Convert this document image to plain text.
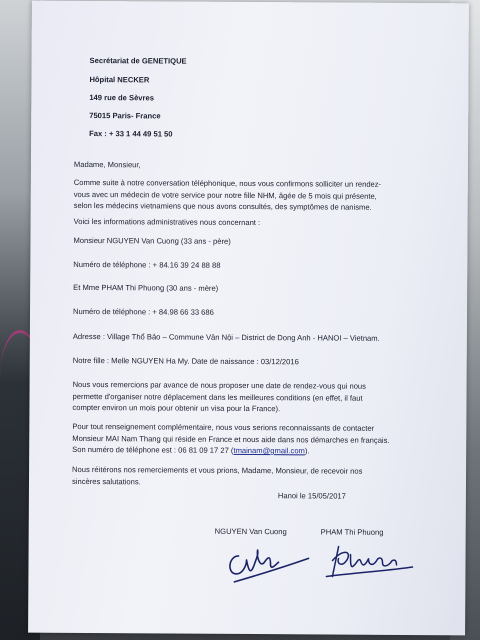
Secrétariat de GENETIQUE
Hôpital NECKER
149 rue de Sèvres
75015 Paris- France
Fax : + 33 1 44 49 51 50
Madame, Monsieur,
Comme suite à notre conversation téléphonique, nous vous confirmons solliciter un rendez-
vous avec un médecin de votre service pour notre fille NHM, âgée de 5 mois qui présente,
selon les médecins vietnamiens que nous avons consultés, des symptômes de nanisme.
Voici les informations administratives nous concernant :
Monsieur NGUYEN Van Cuong (33 ans - père)
Numéro de téléphone : + 84.16 39 24 88 88
Et Mme PHAM Thi Phuong (30 ans - mère)
Numéro de téléphone : + 84.98 66 33 686
Adresse : Village Thổ Bảo – Commune Vân Nội – District de Dong Anh - HANOI – Vietnam.
Notre fille : Melle NGUYEN Ha My. Date de naissance : 03/12/2016
Nous vous remercions par avance de nous proposer une date de rendez-vous qui nous
permette d'organiser notre déplacement dans les meilleures conditions (en effet, il faut
compter environ un mois pour obtenir un visa pour la France).
Pour tout renseignement complémentaire, nous vous serions reconnaissants de contacter
Monsieur MAI Nam Thang qui réside en France et nous aide dans nos démarches en français.
Son numéro de téléphone est : 06 81 09 17 27 (tmainam@gmail.com).
Nous réitérons nos remerciements et vous prions, Madame, Monsieur, de recevoir nos
sincères salutations.
Hanoi le 15/05/2017
NGUYEN Van Cuong	PHAM Thi Phuong
